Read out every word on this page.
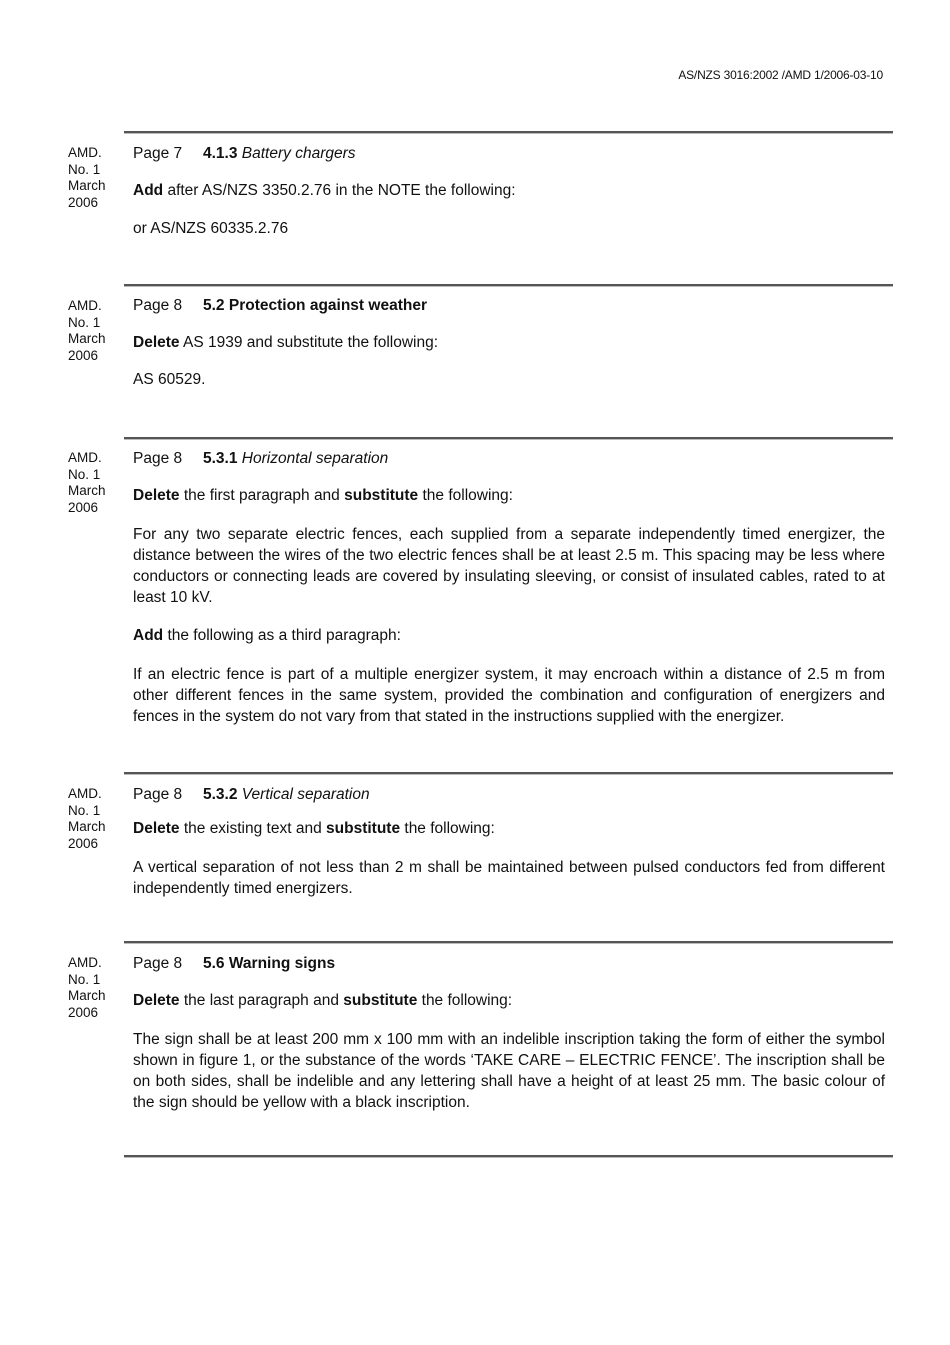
AS/NZS 3016:2002 /AMD 1/2006-03-10
AMD.
No. 1
March
2006

Page 7 4.1.3 Battery chargers

Add after AS/NZS 3350.2.76 in the NOTE the following:

or AS/NZS 60335.2.76

AMD.
No. 1
March
2006

Page 8 5.2 Protection against weather

Delete AS 1939 and substitute the following:

AS 60529.

AMD.
No. 1
March
2006

Page 8 5.3.1 Horizontal separation

Delete the first paragraph and substitute the following:

For any two separate electric fences, each supplied from a separate independently timed energizer, the distance between the wires of the two electric fences shall be at least 2.5 m. This spacing may be less where conductors or connecting leads are covered by insulating sleeving, or consist of insulated cables, rated to at least 10 kV.

Add the following as a third paragraph:

If an electric fence is part of a multiple energizer system, it may encroach within a distance of 2.5 m from other different fences in the same system, provided the combination and configuration of energizers and fences in the system do not vary from that stated in the instructions supplied with the energizer.

AMD.
No. 1
March
2006

Page 8 5.3.2 Vertical separation

Delete the existing text and substitute the following:

A vertical separation of not less than 2 m shall be maintained between pulsed conductors fed from different independently timed energizers.

AMD.
No. 1
March
2006

Page 8 5.6 Warning signs

Delete the last paragraph and substitute the following:

The sign shall be at least 200 mm x 100 mm with an indelible inscription taking the form of either the symbol shown in figure 1, or the substance of the words ‘TAKE CARE – ELECTRIC FENCE’. The inscription shall be on both sides, shall be indelible and any lettering shall have a height of at least 25 mm. The basic colour of the sign should be yellow with a black inscription.
